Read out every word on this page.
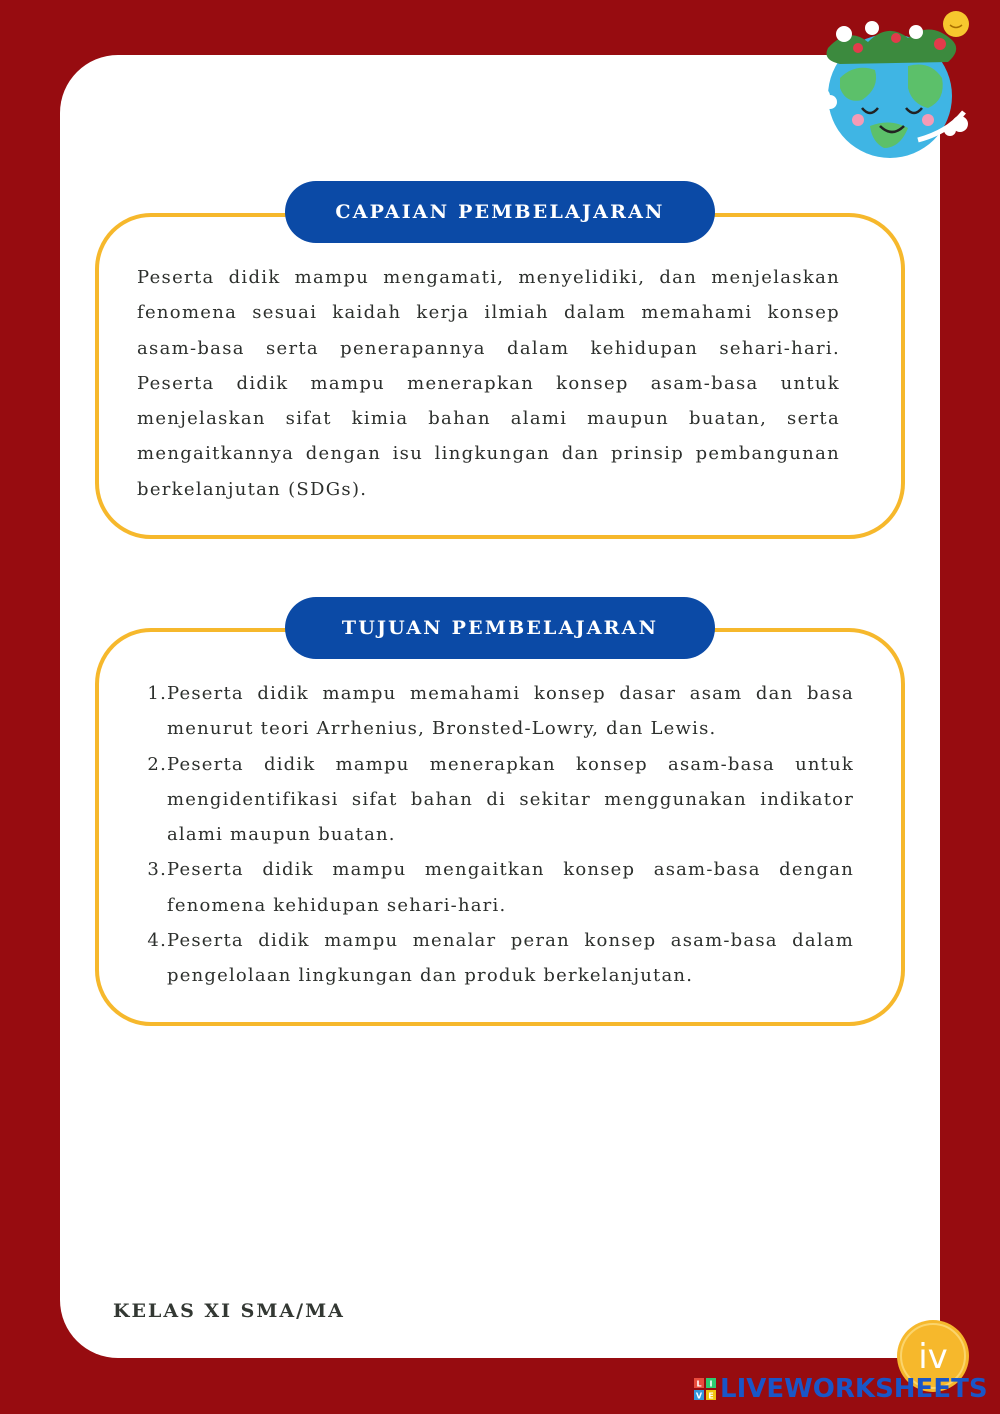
CAPAIAN PEMBELAJARAN
Peserta didik mampu mengamati, menyelidiki, dan menjelaskan fenomena sesuai kaidah kerja ilmiah dalam memahami konsep asam-basa serta penerapannya dalam kehidupan sehari-hari. Peserta didik mampu menerapkan konsep asam-basa untuk menjelaskan sifat kimia bahan alami maupun buatan, serta mengaitkannya dengan isu lingkungan dan prinsip pembangunan berkelanjutan (SDGs).
TUJUAN PEMBELAJARAN
1. Peserta didik mampu memahami konsep dasar asam dan basa menurut teori Arrhenius, Bronsted-Lowry, dan Lewis.
2. Peserta didik mampu menerapkan konsep asam-basa untuk mengidentifikasi sifat bahan di sekitar menggunakan indikator alami maupun buatan.
3. Peserta didik mampu mengaitkan konsep asam-basa dengan fenomena kehidupan sehari-hari.
4. Peserta didik mampu menalar peran konsep asam-basa dalam pengelolaan lingkungan dan produk berkelanjutan.
KELAS XI SMA/MA
iv
L I
V E LIVEWORKSHEETS
